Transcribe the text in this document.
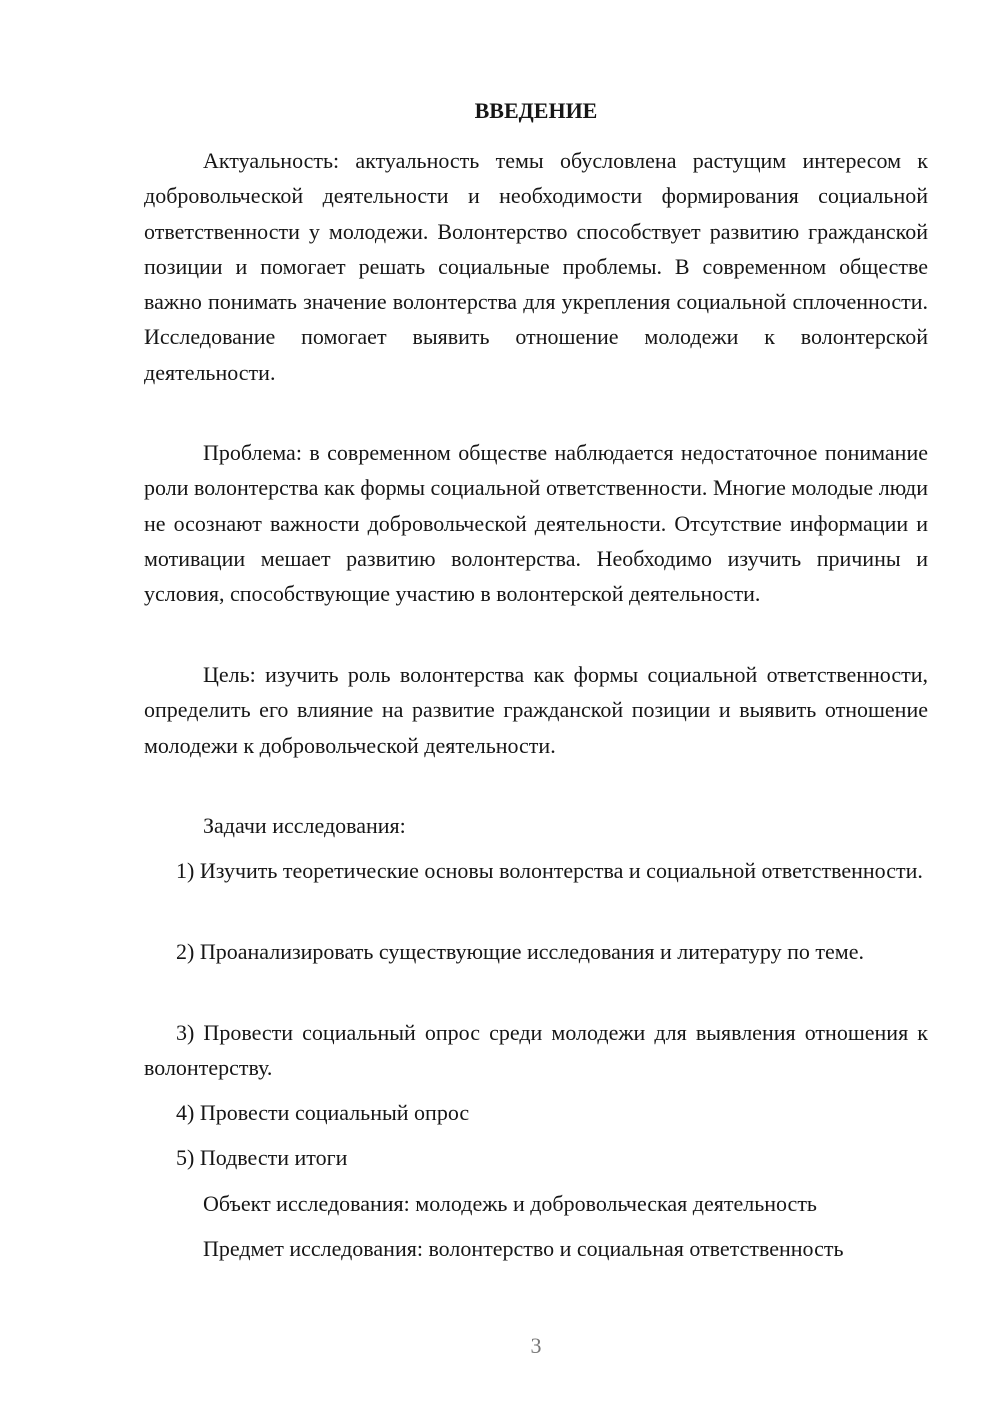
ВВЕДЕНИЕ

Актуальность: актуальность темы обусловлена растущим интересом к добровольческой деятельности и необходимости формирования социальной ответственности у молодежи. Волонтерство способствует развитию гражданской позиции и помогает решать социальные проблемы. В современном обществе важно понимать значение волонтерства для укрепления социальной сплоченности. Исследование помогает выявить отношение молодежи к волонтерской деятельности.

Проблема: в современном обществе наблюдается недостаточное понимание роли волонтерства как формы социальной ответственности. Многие молодые люди не осознают важности добровольческой деятельности. Отсутствие информации и мотивации мешает развитию волонтерства. Необходимо изучить причины и условия, способствующие участию в волонтерской деятельности.

Цель: изучить роль волонтерства как формы социальной ответственности, определить его влияние на развитие гражданской позиции и выявить отношение молодежи к добровольческой деятельности.

Задачи исследования:

1) Изучить теоретические основы волонтерства и социальной ответственности.

2) Проанализировать существующие исследования и литературу по теме.

3) Провести социальный опрос среди молодежи для выявления отношения к волонтерству.

4) Провести социальный опрос
5) Подвести итоги
Объект исследования: молодежь и добровольческая деятельность
Предмет исследования: волонтерство и социальная ответственность
3
